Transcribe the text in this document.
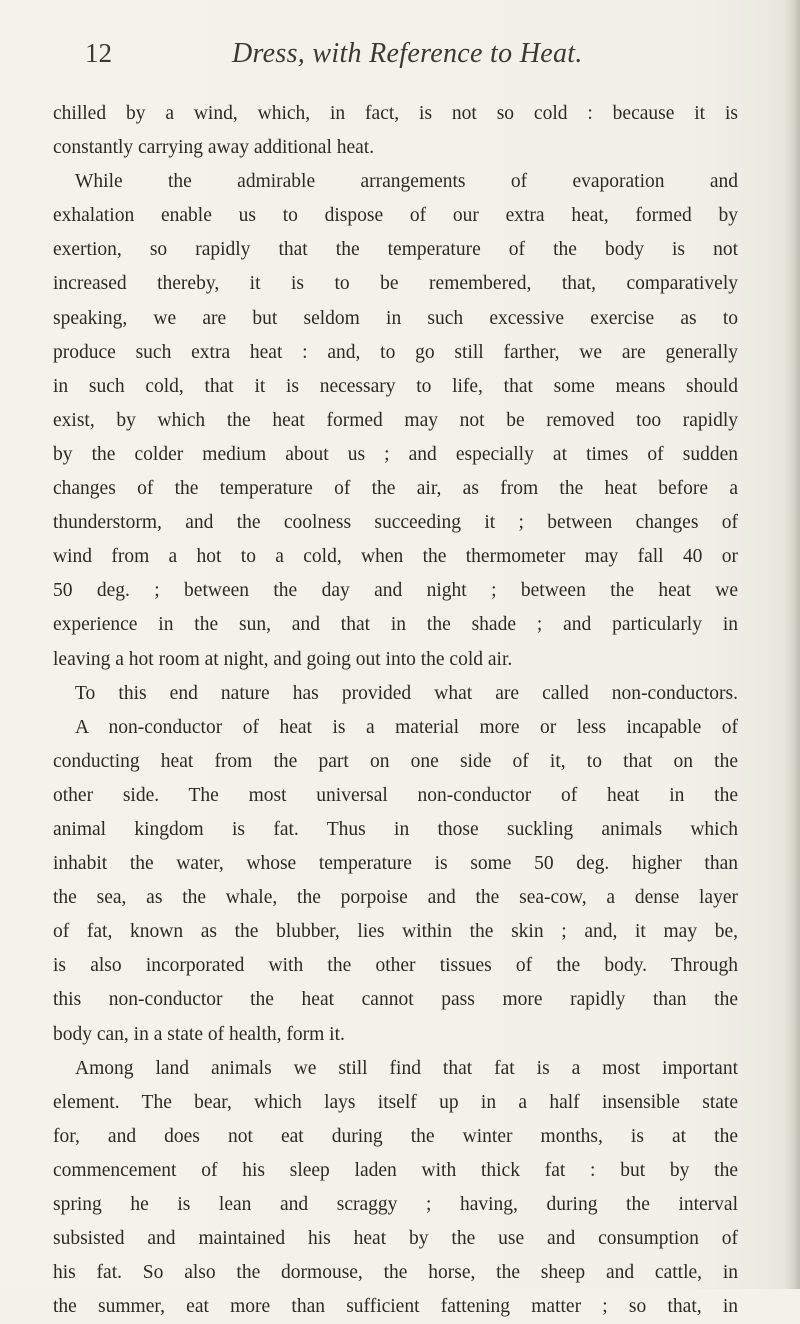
12	Dress, with Reference to Heat.
chilled by a wind, which, in fact, is not so cold : because it is
constantly carrying away additional heat.
While the admirable arrangements of evaporation and
exhalation enable us to dispose of our extra heat, formed by
exertion, so rapidly that the temperature of the body is not
increased thereby, it is to be remembered, that, comparatively
speaking, we are but seldom in such excessive exercise as to
produce such extra heat : and, to go still farther, we are generally
in such cold, that it is necessary to life, that some means should
exist, by which the heat formed may not be removed too rapidly
by the colder medium about us ; and especially at times of sudden
changes of the temperature of the air, as from the heat before a
thunderstorm, and the coolness succeeding it ; between changes of
wind from a hot to a cold, when the thermometer may fall 40 or
50 deg. ; between the day and night ; between the heat we
experience in the sun, and that in the shade ; and particularly in
leaving a hot room at night, and going out into the cold air.
To this end nature has provided what are called non-conductors.
A non-conductor of heat is a material more or less incapable of
conducting heat from the part on one side of it, to that on the
other side. The most universal non-conductor of heat in the
animal kingdom is fat. Thus in those suckling animals which
inhabit the water, whose temperature is some 50 deg. higher than
the sea, as the whale, the porpoise and the sea-cow, a dense layer
of fat, known as the blubber, lies within the skin ; and, it may be,
is also incorporated with the other tissues of the body. Through
this non-conductor the heat cannot pass more rapidly than the
body can, in a state of health, form it.
Among land animals we still find that fat is a most important
element. The bear, which lays itself up in a half insensible state
for, and does not eat during the winter months, is at the
commencement of his sleep laden with thick fat : but by the
spring he is lean and scraggy ; having, during the interval
subsisted and maintained his heat by the use and consumption of
his fat. So also the dormouse, the horse, the sheep and cattle, in
the summer, eat more than sufficient fattening matter ; so that, in
